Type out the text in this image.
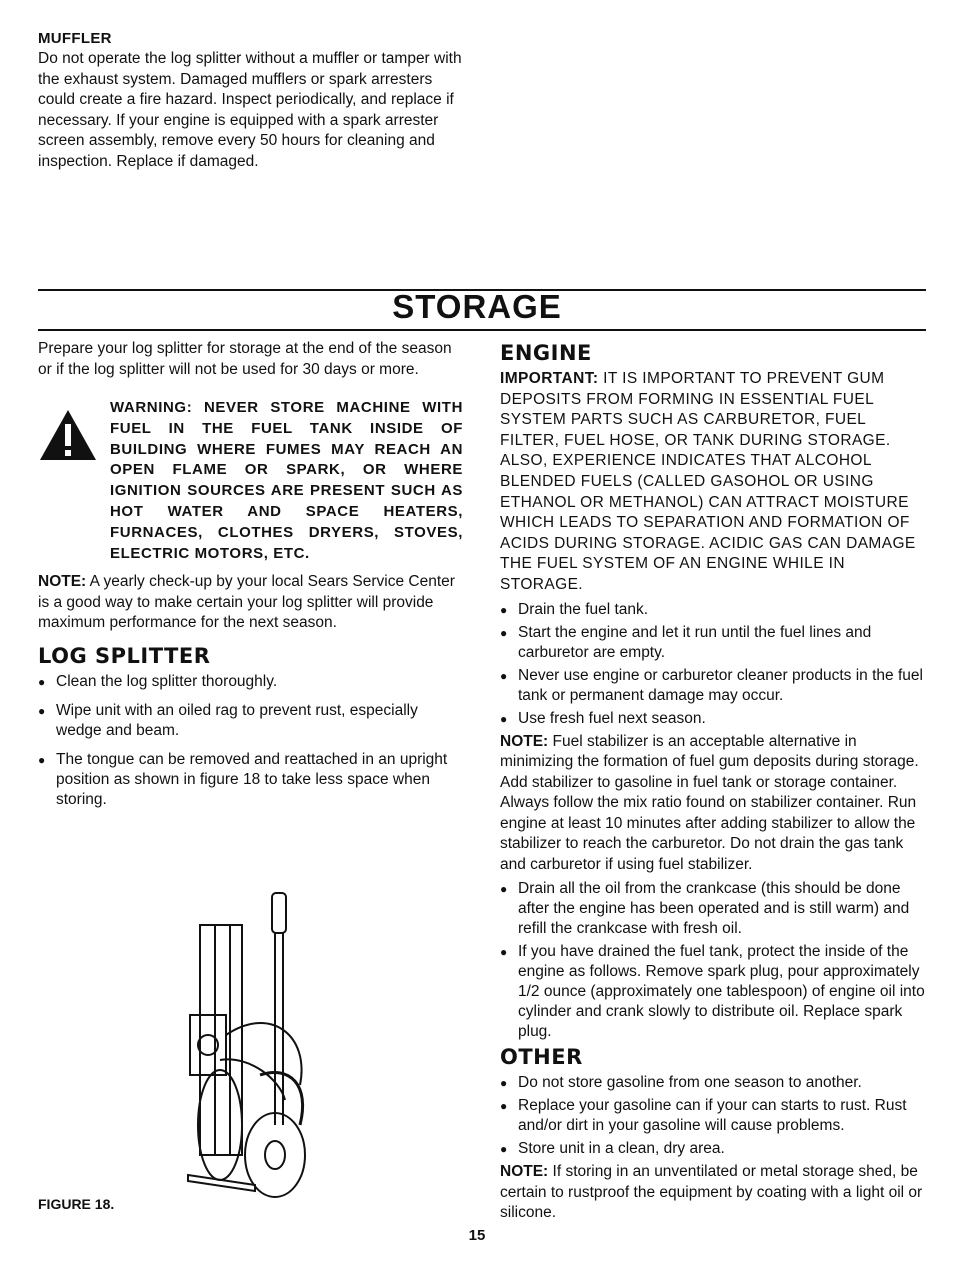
MUFFLER

Do not operate the log splitter without a muffler or tamper with the exhaust system. Damaged mufflers or spark arresters could create a fire hazard. Inspect periodically, and replace if necessary. If your engine is equipped with a spark arrester screen assembly, remove every 50 hours for cleaning and inspection. Replace if damaged.

STORAGE

Prepare your log splitter for storage at the end of the season or if the log splitter will not be used for 30 days or more.

WARNING: NEVER STORE MACHINE WITH FUEL IN THE FUEL TANK INSIDE OF BUILDING WHERE FUMES MAY REACH AN OPEN FLAME OR SPARK, OR WHERE IGNITION SOURCES ARE PRESENT SUCH AS HOT WATER AND SPACE HEATERS, FURNACES, CLOTHES DRYERS, STOVES, ELECTRIC MOTORS, ETC.

NOTE: A yearly check-up by your local Sears Service Center is a good way to make certain your log splitter will provide maximum performance for the next season.

LOG SPLITTER
● Clean the log splitter thoroughly.
● Wipe unit with an oiled rag to prevent rust, especially wedge and beam.
● The tongue can be removed and reattached in an upright position as shown in figure 18 to take less space when storing.
FIGURE 18.
ENGINE

IMPORTANT: IT IS IMPORTANT TO PREVENT GUM DEPOSITS FROM FORMING IN ESSENTIAL FUEL SYSTEM PARTS SUCH AS CARBURETOR, FUEL FILTER, FUEL HOSE, OR TANK DURING STORAGE. ALSO, EXPERIENCE INDICATES THAT ALCOHOL BLENDED FUELS (CALLED GASOHOL OR USING ETHANOL OR METHANOL) CAN ATTRACT MOISTURE WHICH LEADS TO SEPARATION AND FORMATION OF ACIDS DURING STORAGE. ACIDIC GAS CAN DAMAGE THE FUEL SYSTEM OF AN ENGINE WHILE IN STORAGE.

● Drain the fuel tank.
● Start the engine and let it run until the fuel lines and carburetor are empty.
● Never use engine or carburetor cleaner products in the fuel tank or permanent damage may occur.
● Use fresh fuel next season.

NOTE: Fuel stabilizer is an acceptable alternative in minimizing the formation of fuel gum deposits during storage. Add stabilizer to gasoline in fuel tank or storage container. Always follow the mix ratio found on stabilizer container. Run engine at least 10 minutes after adding stabilizer to allow the stabilizer to reach the carburetor. Do not drain the gas tank and carburetor if using fuel stabilizer.

● Drain all the oil from the crankcase (this should be done after the engine has been operated and is still warm) and refill the crankcase with fresh oil.
● If you have drained the fuel tank, protect the inside of the engine as follows. Remove spark plug, pour approximately 1/2 ounce (approximately one tablespoon) of engine oil into cylinder and crank slowly to distribute oil. Replace spark plug.
OTHER
● Do not store gasoline from one season to another.
● Replace your gasoline can if your can starts to rust. Rust and/or dirt in your gasoline will cause problems.
● Store unit in a clean, dry area.

NOTE: If storing in an unventilated or metal storage shed, be certain to rustproof the equipment by coating with a light oil or silicone.

15
